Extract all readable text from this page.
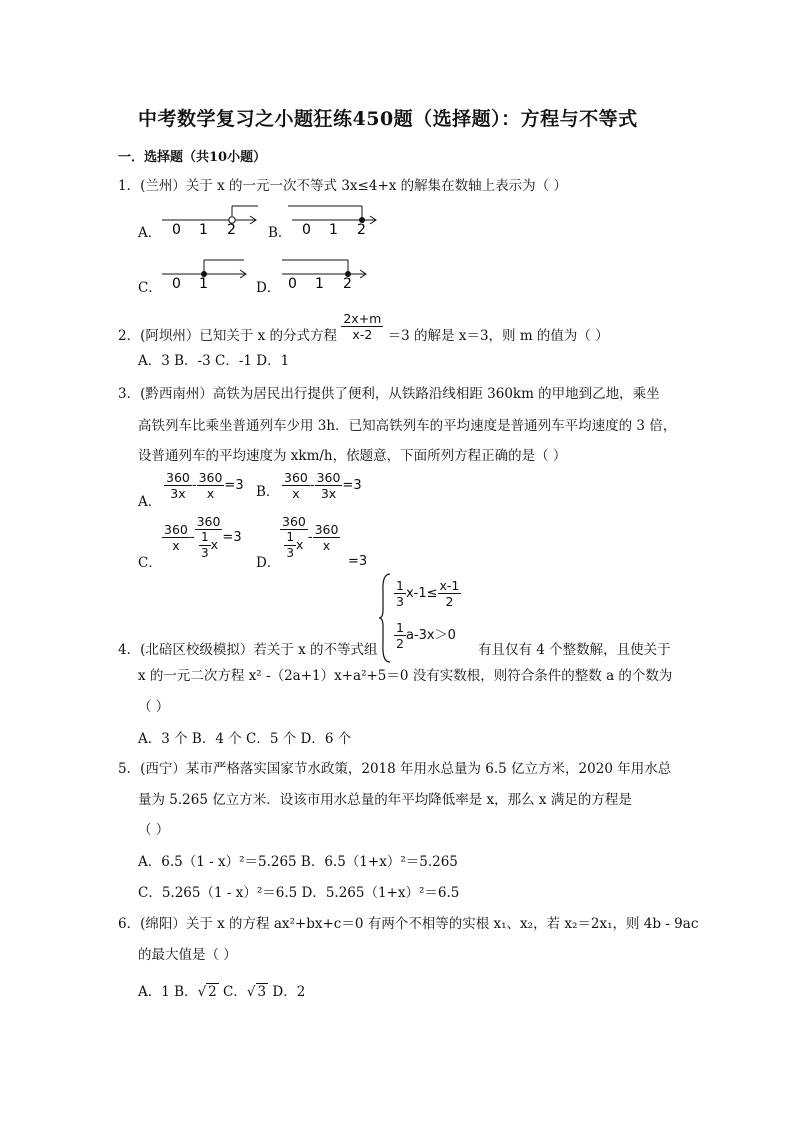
中考数学复习之小题狂练450题（选择题）：方程与不等式
一．选择题（共10小题）
1．(兰州）关于 x 的一元一次不等式 3x≤4+x 的解集在数轴上表示为（ ）
A． 0 1 2 B． 0 1 2
C． 0 1	D． 0 1 2
2．(阿坝州）已知关于 x 的分式方程 $\frac{2x+m}{x-2} =3$ 的解是 x＝3，则 m 的值为（ ）
A．3 B．-3 C．-1 D．1
3．(黔西南州）高铁为居民出行提供了便利，从铁路沿线相距 360km 的甲地到乙地，乘坐
高铁列车比乘坐普通列车少用 3h．已知高铁列车的平均速度是普通列车平均速度的 3 倍，
设普通列车的平均速度为 xkm/h，依题意，下面所列方程正确的是（ ）
A．
$\frac{360}{3x} - \frac{360}{x} =3$ B． $\frac{360}{x} - \frac{360}{3x} =3$
C．
$\frac{360}{x} - \frac{360}{\frac{1}{3} x} =3$
D．
$\frac{360}{\frac{1}{3} x} - \frac{360}{x}$
=3
$\frac{1}{3} x-1\le \frac{x-1}{2}$
$\frac{1}{2} a-3x>0$
4．(北碚区校级模拟）若关于 x 的不等式组	有且仅有 4 个整数解，且使关于
x 的一元二次方程 x² -（2a+1）x+a²+5＝0 没有实数根，则符合条件的整数 a 的个数为
（ ）
A．3 个 B．4 个 C．5 个 D．6 个
5．(西宁）某市严格落实国家节水政策，2018 年用水总量为 6.5 亿立方米，2020 年用水总
量为 5.265 亿立方米．设该市用水总量的年平均降低率是 x，那么 x 满足的方程是
（ ）
A．6.5（1 - x）²＝5.265 B．6.5（1+x）²＝5.265
C．5.265（1 - x）²＝6.5 D．5.265（1+x）²＝6.5
6．(绵阳）关于 x 的方程 ax²+bx+c＝0 有两个不相等的实根 x₁、x₂，若 x₂＝2x₁，则 4b - 9ac
的最大值是（ ）
A．1 B．√ 2 C．√ 3 D．2
